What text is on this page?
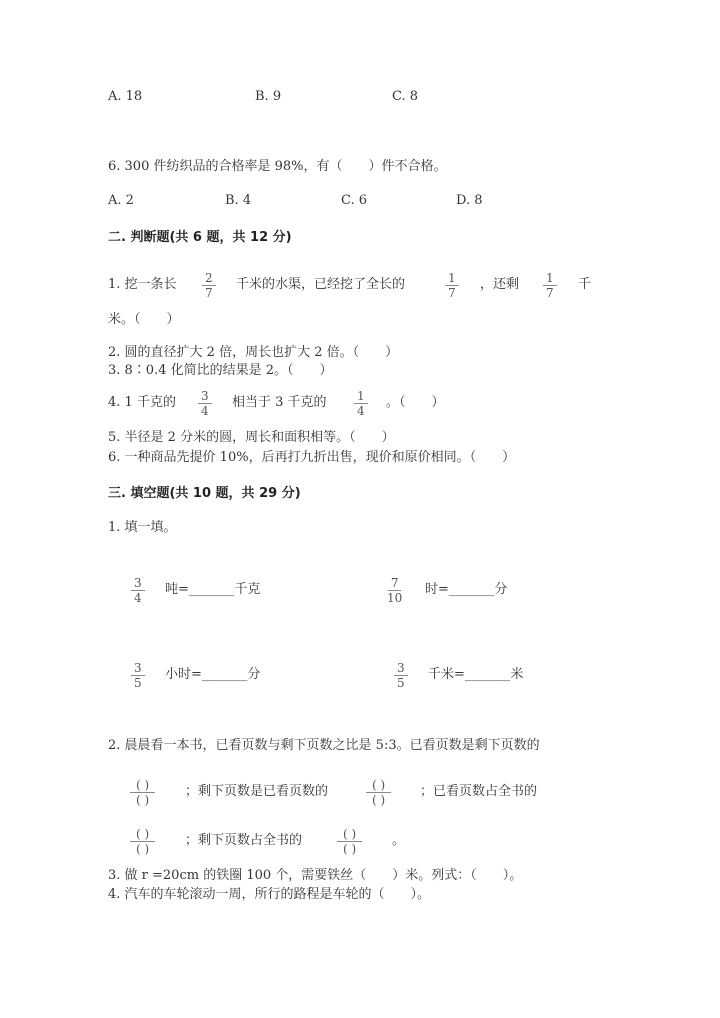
A. 18	B. 9	C. 8
6. 300 件纺织品的合格率是 98%，有（　　）件不合格。
A. 2	B. 4	C. 6	D. 8
二. 判断题(共 6 题，共 12 分)
1. 挖一条长 2
7
千米的水渠，已经挖了全长的	1
7
，还剩 1
7
千
米。（　　）
2. 圆的直径扩大 2 倍，周长也扩大 2 倍。（　　）
3. 8∶0.4 化简比的结果是 2。（　　）
4. 1 千克的 3
4
相当于 3 千克的	1
4
。（　　）
5. 半径是 2 分米的圆，周长和面积相等。（　　）
6. 一种商品先提价 10%，后再打九折出售，现价和原价相同。（　　）
三. 填空题(共 10 题，共 29 分)
1. 填一填。
3
4
吨=_______千克	7
10
时=_______分
3
5
小时=_______分	3
5
千米=_______米
2. 晨晨看一本书，已看页数与剩下页数之比是 5:3。已看页数是剩下页数的
( )
( )
；剩下页数是已看页数的	( )
( )
；已看页数占全书的
( )
( )
；剩下页数占全书的	( )
( )
。
3. 做 r =20cm 的铁圈 100 个，需要铁丝（　　）米。列式：（　　）。
4. 汽车的车轮滚动一周，所行的路程是车轮的（　　）。
